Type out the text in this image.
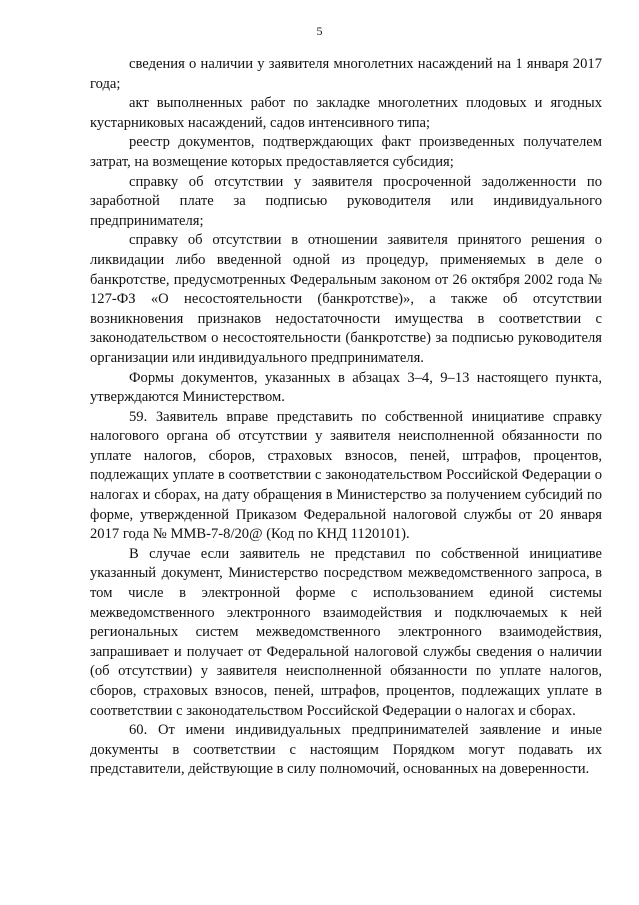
5

сведения о наличии у заявителя многолетних насаждений на 1 января 2017 года;

акт выполненных работ по закладке многолетних плодовых и ягодных кустарниковых насаждений, садов интенсивного типа;

реестр документов, подтверждающих факт произведенных получателем затрат, на возмещение которых предоставляется субсидия;

справку об отсутствии у заявителя просроченной задолженности по заработной плате за подписью руководителя или индивидуального предпринимателя;

справку об отсутствии в отношении заявителя принятого решения о ликвидации либо введенной одной из процедур, применяемых в деле о банкротстве, предусмотренных Федеральным законом от 26 октября 2002 года № 127-ФЗ «О несостоятельности (банкротстве)», а также об отсутствии возникновения признаков недостаточности имущества в соответствии с законодательством о несостоятельности (банкротстве) за подписью руководителя организации или индивидуального предпринимателя.

Формы документов, указанных в абзацах 3–4, 9–13 настоящего пункта, утверждаются Министерством.

59. Заявитель вправе представить по собственной инициативе справку налогового органа об отсутствии у заявителя неисполненной обязанности по уплате налогов, сборов, страховых взносов, пеней, штрафов, процентов, подлежащих уплате в соответствии с законодательством Российской Федерации о налогах и сборах, на дату обращения в Министерство за получением субсидий по форме, утвержденной Приказом Федеральной налоговой службы от 20 января 2017 года № ММВ-7-8/20@ (Код по КНД 1120101).

В случае если заявитель не представил по собственной инициативе указанный документ, Министерство посредством межведомственного запроса, в том числе в электронной форме с использованием единой системы межведомственного электронного взаимодействия и подключаемых к ней региональных систем межведомственного электронного взаимодействия, запрашивает и получает от Федеральной налоговой службы сведения о наличии (об отсутствии) у заявителя неисполненной обязанности по уплате налогов, сборов, страховых взносов, пеней, штрафов, процентов, подлежащих уплате в соответствии с законодательством Российской Федерации о налогах и сборах.

60. От имени индивидуальных предпринимателей заявление и иные документы в соответствии с настоящим Порядком могут подавать их представители, действующие в силу полномочий, основанных на доверенности.
